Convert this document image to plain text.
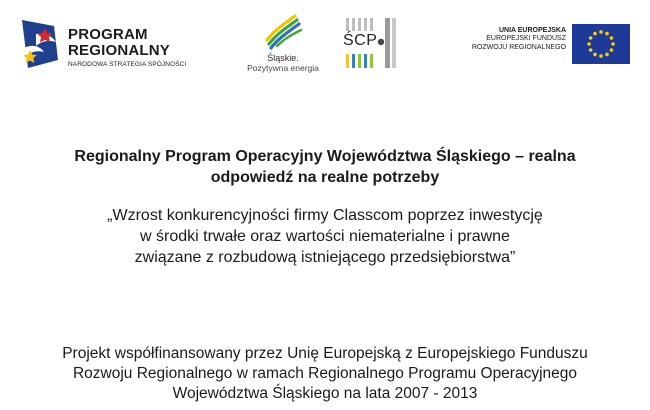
PROGRAM
REGIONALNY
NARODOWA STRATEGIA SPÓJNOŚCI
Śląskie.
Pozytywna energia
ŚCP
UNIA EUROPEJSKA
EUROPEJSKI FUNDUSZ
ROZWOJU REGIONALNEGO
Regionalny Program Operacyjny Województwa Śląskiego – realna
odpowiedź na realne potrzeby
„Wzrost konkurencyjności firmy Classcom poprzez inwestycję
w środki trwałe oraz wartości niematerialne i prawne
związane z rozbudową istniejącego przedsiębiorstwa”
Projekt współfinansowany przez Unię Europejską z Europejskiego Funduszu
Rozwoju Regionalnego w ramach Regionalnego Programu Operacyjnego
Województwa Śląskiego na lata 2007 - 2013
